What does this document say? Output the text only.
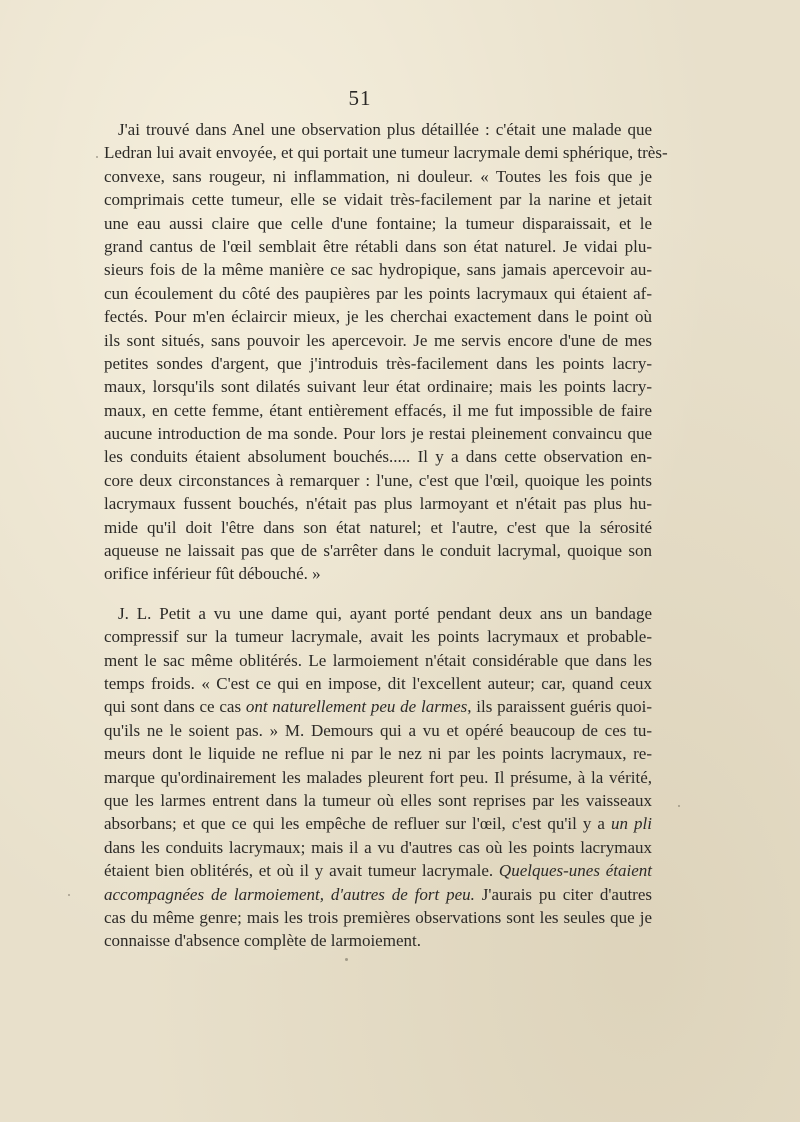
51
J'ai trouvé dans Anel une observation plus détaillée : c'était une malade que
Ledran lui avait envoyée, et qui portait une tumeur lacrymale demi sphérique, très-
convexe, sans rougeur, ni inflammation, ni douleur. « Toutes les fois que je
comprimais cette tumeur, elle se vidait très-facilement par la narine et jetait
une eau aussi claire que celle d'une fontaine; la tumeur disparaissait, et le
grand cantus de l'œil semblait être rétabli dans son état naturel. Je vidai plu-
sieurs fois de la même manière ce sac hydropique, sans jamais apercevoir au-
cun écoulement du côté des paupières par les points lacrymaux qui étaient af-
fectés. Pour m'en éclaircir mieux, je les cherchai exactement dans le point où
ils sont situés, sans pouvoir les apercevoir. Je me servis encore d'une de mes
petites sondes d'argent, que j'introduis très-facilement dans les points lacry-
maux, lorsqu'ils sont dilatés suivant leur état ordinaire; mais les points lacry-
maux, en cette femme, étant entièrement effacés, il me fut impossible de faire
aucune introduction de ma sonde. Pour lors je restai pleinement convaincu que
les conduits étaient absolument bouchés..... Il y a dans cette observation en-
core deux circonstances à remarquer : l'une, c'est que l'œil, quoique les points
lacrymaux fussent bouchés, n'était pas plus larmoyant et n'était pas plus hu-
mide qu'il doit l'être dans son état naturel; et l'autre, c'est que la sérosité
aqueuse ne laissait pas que de s'arrêter dans le conduit lacrymal, quoique son
orifice inférieur fût débouché. »
J. L. Petit a vu une dame qui, ayant porté pendant deux ans un bandage
compressif sur la tumeur lacrymale, avait les points lacrymaux et probable-
ment le sac même oblitérés. Le larmoiement n'était considérable que dans les
temps froids. « C'est ce qui en impose, dit l'excellent auteur; car, quand ceux
qui sont dans ce cas ont naturellement peu de larmes, ils paraissent guéris quoi-
qu'ils ne le soient pas. » M. Demours qui a vu et opéré beaucoup de ces tu-
meurs dont le liquide ne reflue ni par le nez ni par les points lacrymaux, re-
marque qu'ordinairement les malades pleurent fort peu. Il présume, à la vérité,
que les larmes entrent dans la tumeur où elles sont reprises par les vaisseaux
absorbans; et que ce qui les empêche de refluer sur l'œil, c'est qu'il y a un pli
dans les conduits lacrymaux; mais il a vu d'autres cas où les points lacrymaux
étaient bien oblitérés, et où il y avait tumeur lacrymale. Quelques-unes étaient
accompagnées de larmoiement, d'autres de fort peu. J'aurais pu citer d'autres
cas du même genre; mais les trois premières observations sont les seules que je
connaisse d'absence complète de larmoiement.
